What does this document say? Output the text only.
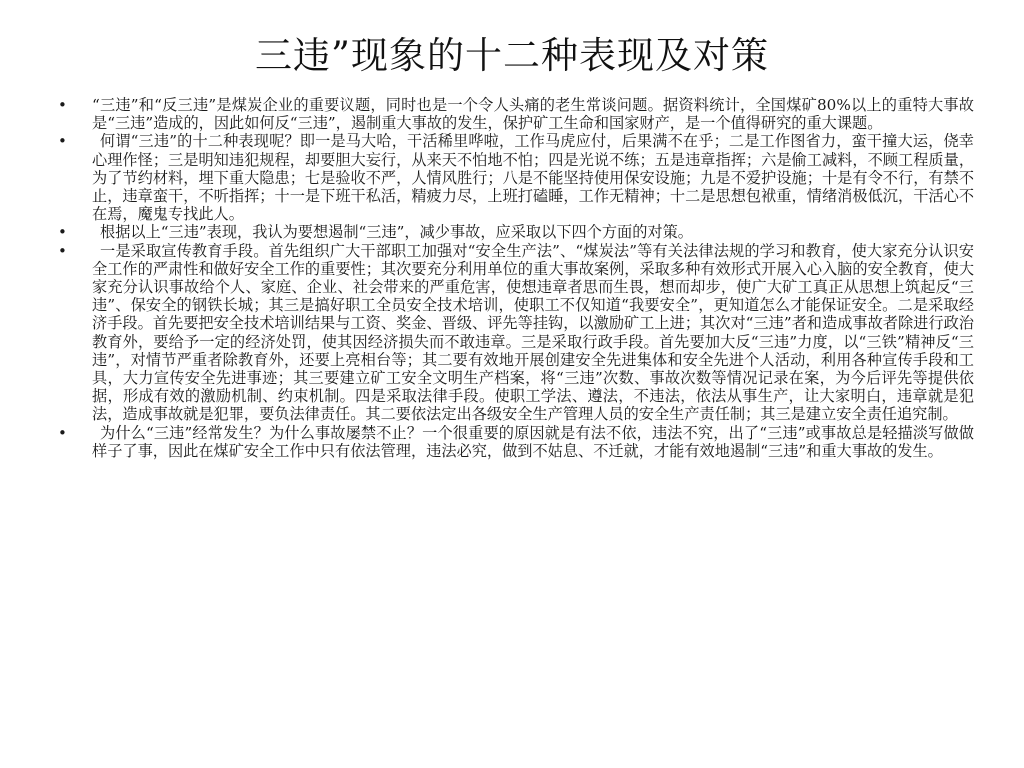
三违”现象的十二种表现及对策
• “三违”和“反三违”是煤炭企业的重要议题，同时也是一个令人头痛的老生常谈问题。据资料统计，全国煤矿80%以上的重特大事故是“三违”造成的，因此如何反“三违”，遏制重大事故的发生，保护矿工生命和国家财产，是一个值得研究的重大课题。
• 何谓“三违”的十二种表现呢？即一是马大哈，干活稀里哗啦，工作马虎应付，后果满不在乎；二是工作图省力，蛮干撞大运，侥幸心理作怪；三是明知违犯规程，却要胆大妄行，从来天不怕地不怕；四是光说不练；五是违章指挥；六是偷工减料，不顾工程质量，为了节约材料，埋下重大隐患；七是验收不严，人情风胜行；八是不能坚持使用保安设施；九是不爱护设施；十是有令不行，有禁不止，违章蛮干，不听指挥；十一是下班干私活，精疲力尽，上班打磕睡，工作无精神；十二是思想包袱重，情绪消极低沉，干活心不在焉，魔鬼专找此人。
• 根据以上“三违”表现，我认为要想遏制“三违”，减少事故，应采取以下四个方面的对策。
• 一是采取宣传教育手段。首先组织广大干部职工加强对“安全生产法”、“煤炭法”等有关法律法规的学习和教育，使大家充分认识安全工作的严肃性和做好安全工作的重要性；其次要充分利用单位的重大事故案例，采取多种有效形式开展入心入脑的安全教育，使大家充分认识事故给个人、家庭、企业、社会带来的严重危害，使想违章者思而生畏，想而却步，使广大矿工真正从思想上筑起反“三违”、保安全的钢铁长城；其三是搞好职工全员安全技术培训，使职工不仅知道“我要安全”，更知道怎么才能保证安全。二是采取经济手段。首先要把安全技术培训结果与工资、奖金、晋级、评先等挂钩，以激励矿工上进；其次对“三违”者和造成事故者除进行政治教育外，要给予一定的经济处罚，使其因经济损失而不敢违章。三是采取行政手段。首先要加大反“三违”力度，以“三铁”精神反“三违”，对情节严重者除教育外，还要上亮相台等；其二要有效地开展创建安全先进集体和安全先进个人活动，利用各种宣传手段和工具，大力宣传安全先进事迹；其三要建立矿工安全文明生产档案，将“三违”次数、事故次数等情况记录在案，为今后评先等提供依据，形成有效的激励机制、约束机制。四是采取法律手段。使职工学法、遵法，不违法，依法从事生产，让大家明白，违章就是犯法，造成事故就是犯罪，要负法律责任。其二要依法定出各级安全生产管理人员的安全生产责任制；其三是建立安全责任追究制。
• 为什么“三违”经常发生？为什么事故屡禁不止？一个很重要的原因就是有法不依，违法不究，出了“三违”或事故总是轻描淡写做做样子了事，因此在煤矿安全工作中只有依法管理，违法必究，做到不姑息、不迁就，才能有效地遏制“三违”和重大事故的发生。
